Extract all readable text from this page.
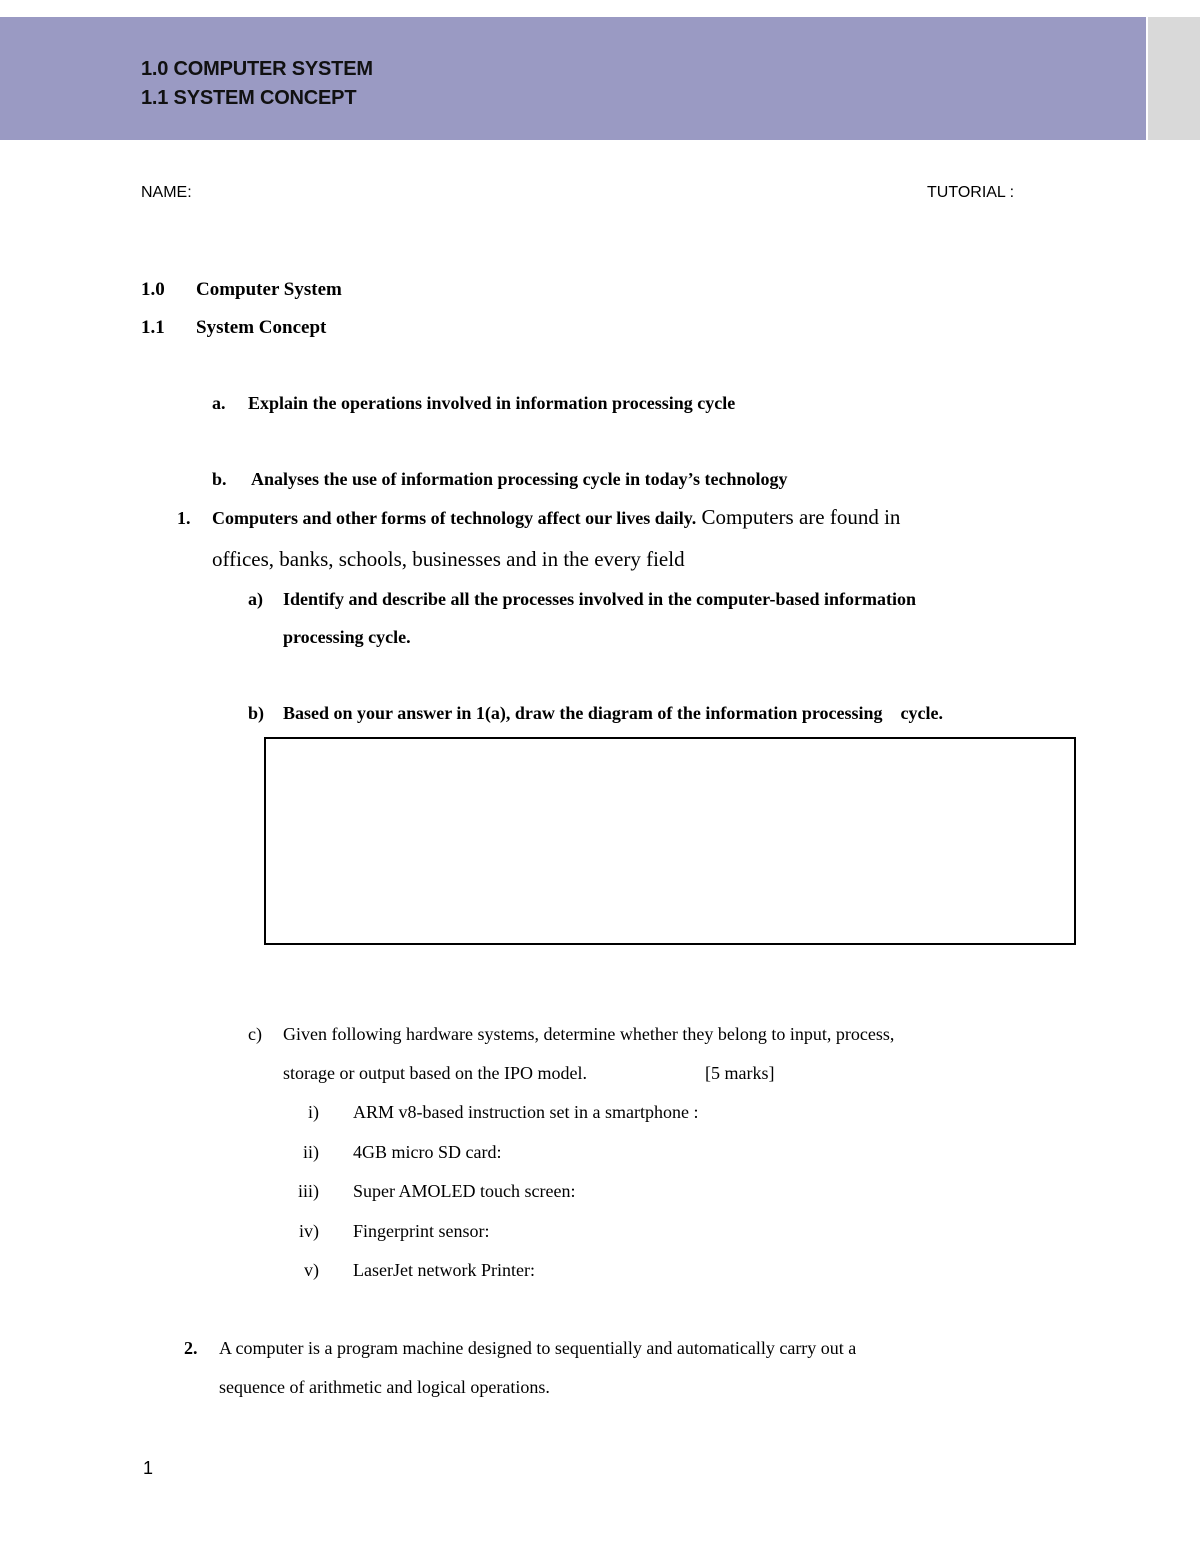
1.0 COMPUTER SYSTEM
1.1 SYSTEM CONCEPT
NAME:	TUTORIAL :
1.0 Computer System
1.1 System Concept
a. Explain the operations involved in information processing cycle
b. Analyses the use of information processing cycle in today’s technology
1. Computers and other forms of technology affect our lives daily. Computers are found in
offices, banks, schools, businesses and in the every field
a) Identify and describe all the processes involved in the computer-based information
processing cycle.
b) Based on your answer in 1(a), draw the diagram of the information processing    cycle.
c) Given following hardware systems, determine whether they belong to input, process,
storage or output based on the IPO model.	[5 marks]
i) ARM v8-based instruction set in a smartphone :
ii) 4GB micro SD card:
iii) Super AMOLED touch screen:
iv) Fingerprint sensor:
v) LaserJet network Printer:
2. A computer is a program machine designed to sequentially and automatically carry out a
sequence of arithmetic and logical operations.
1
